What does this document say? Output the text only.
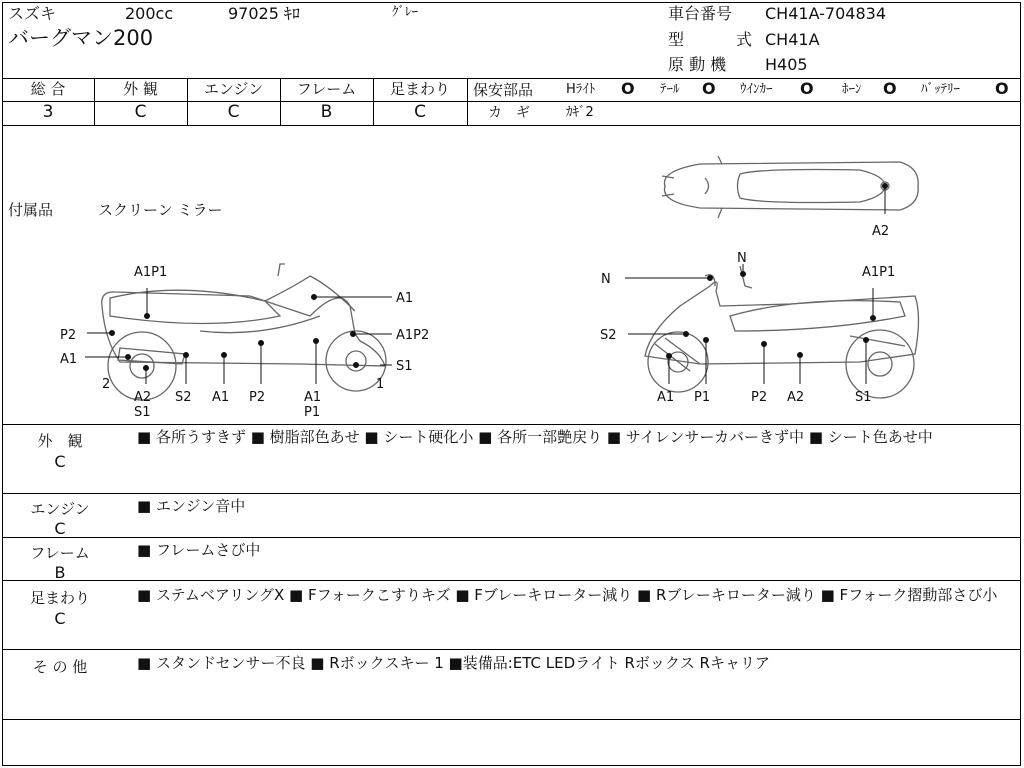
スズキ	200cc	97025 ｷﾛ	ｸﾞﾚｰ
バーグマン200
車台番号 CH41A-704834
型	式 CH41A
原 動 機 H405
総 合	外 観	エンジン	フレーム	足まわり
3	C	C	B	C
保安部品	Hﾗｲﾄ O ﾃｰﾙ O ｳｲﾝｶｰ O ﾎｰﾝ O ﾊﾞｯﾃﾘｰ O
カ　ギ	ｶｷﾞ2
付属品	スクリーン ミラー
A2
A1P1
A1
P2	A1P2
A1	S1
2	1
A2
S1
S2 A1 P2	A1
P1
N
N
A1P1
S2
A1 P1	P2 A2	S1
外　観
C
■ 各所うすきず ■ 樹脂部色あせ ■ シート硬化小 ■ 各所一部艶戻り ■ サイレンサーカバーきず中 ■ シート色あせ中
エンジン
C
■ エンジン音中
フレーム
B
■ フレームさび中
足まわり
C
■ ステムベアリングX ■ Fフォークこすりキズ ■ Fブレーキローター減り ■ Rブレーキローター減り ■ Fフォーク摺動部さび小
そ の 他	■ スタンドセンサー不良 ■ Rボックスキー 1 ■装備品:ETC LEDライト Rボックス Rキャリア
